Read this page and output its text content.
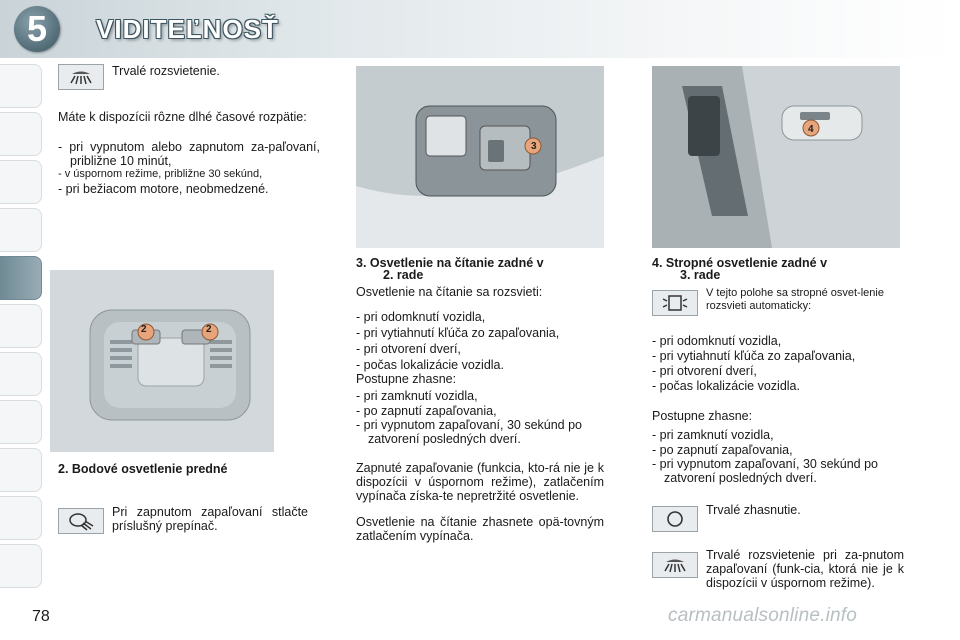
5	VIDITEĽNOSŤ
Trvalé rozsvietenie.
Máte k dispozícii rôzne dlhé časové rozpätie:
- pri vypnutom alebo zapnutom za-paľovaní, približne 10 minút,
- v úspornom režime, približne 30 sekúnd,
- pri bežiacom motore, neobmedzené.
2	2
2. Bodové osvetlenie predné
Pri zapnutom zapaľovaní stlačte príslušný prepínač.
3
3. Osvetlenie na čítanie zadné v
2. rade
Osvetlenie na čítanie sa rozsvieti:
- pri odomknutí vozidla,
- pri vytiahnutí kľúča zo zapaľovania,
- pri otvorení dverí,
- počas lokalizácie vozidla.
Postupne zhasne:
- pri zamknutí vozidla,
- po zapnutí zapaľovania,
- pri vypnutom zapaľovaní, 30 sekúnd po zatvorení posledných dverí.
Zapnuté zapaľovanie (funkcia, kto-rá nie je k dispozícii v úspornom režime), zatlačením vypínača získa-te nepretržité osvetlenie.
Osvetlenie na čítanie zhasnete opä-tovným zatlačením vypínača.
4
4. Stropné osvetlenie zadné v
3. rade
V tejto polohe sa stropné osvet-lenie rozsvieti automaticky:
- pri odomknutí vozidla,
- pri vytiahnutí kľúča zo zapaľovania,
- pri otvorení dverí,
- počas lokalizácie vozidla.
Postupne zhasne:
- pri zamknutí vozidla,
- po zapnutí zapaľovania,
- pri vypnutom zapaľovaní, 30 sekúnd po zatvorení posledných dverí.
Trvalé zhasnutie.
Trvalé rozsvietenie pri za-pnutom zapaľovaní (funk-cia, ktorá nie je k dispozícii v úspornom režime).
78	carmanualsonline.info
